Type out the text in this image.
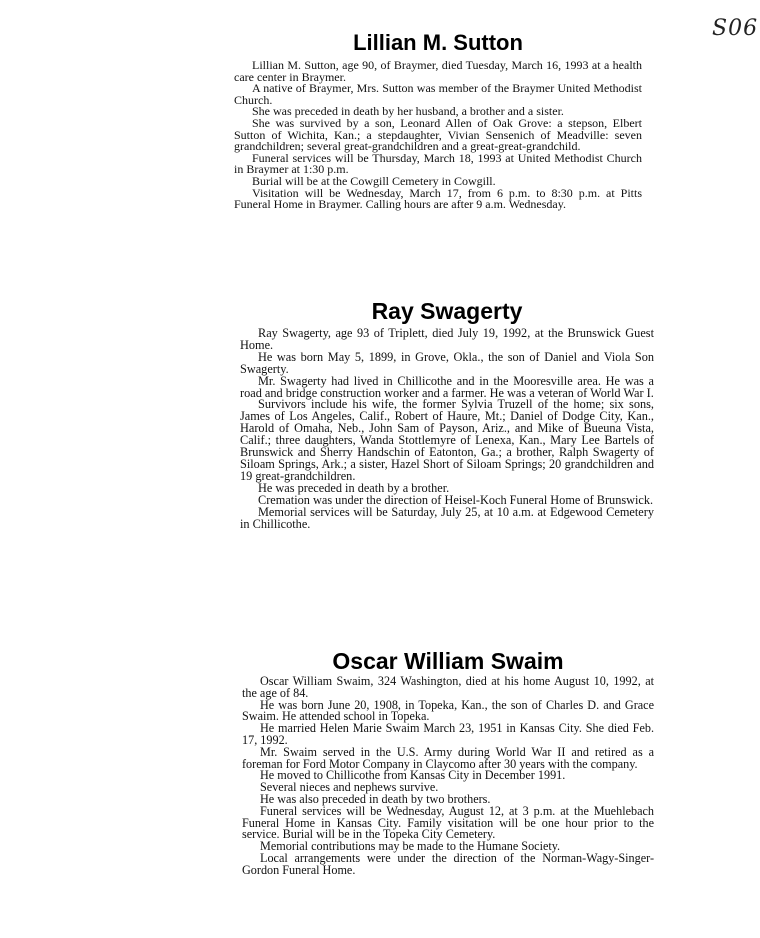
S06
Lillian M. Sutton

Lillian M. Sutton, age 90, of Braymer, died Tuesday, March 16, 1993 at a health care center in Braymer.

A native of Braymer, Mrs. Sutton was member of the Braymer United Methodist Church.

She was preceded in death by her husband, a brother and a sister.

She was survived by a son, Leonard Allen of Oak Grove: a stepson, Elbert Sutton of Wichita, Kan.; a stepdaughter, Vivian Sensenich of Meadville: seven grandchildren; several great-grandchildren and a great-great-grandchild.

Funeral services will be Thursday, March 18, 1993 at United Methodist Church in Braymer at 1:30 p.m.

Burial will be at the Cowgill Cemetery in Cowgill.

Visitation will be Wednesday, March 17, from 6 p.m. to 8:30 p.m. at Pitts Funeral Home in Braymer. Calling hours are after 9 a.m. Wednesday.

Ray Swagerty

Ray Swagerty, age 93 of Triplett, died July 19, 1992, at the Brunswick Guest Home.

He was born May 5, 1899, in Grove, Okla., the son of Daniel and Viola Son Swagerty.

Mr. Swagerty had lived in Chillicothe and in the Mooresville area. He was a road and bridge construction worker and a farmer. He was a veteran of World War I.

Survivors include his wife, the former Sylvia Truzell of the home; six sons, James of Los Angeles, Calif., Robert of Haure, Mt.; Daniel of Dodge City, Kan., Harold of Omaha, Neb., John Sam of Payson, Ariz., and Mike of Bueuna Vista, Calif.; three daughters, Wanda Stottlemyre of Lenexa, Kan., Mary Lee Bartels of Brunswick and Sherry Handschin of Eatonton, Ga.; a brother, Ralph Swagerty of Siloam Springs, Ark.; a sister, Hazel Short of Siloam Springs; 20 grandchildren and 19 great-grandchildren.

He was preceded in death by a brother.

Cremation was under the direction of Heisel-Koch Funeral Home of Brunswick.

Memorial services will be Saturday, July 25, at 10 a.m. at Edgewood Cemetery in Chillicothe.

Oscar William Swaim

Oscar William Swaim, 324 Washington, died at his home August 10, 1992, at the age of 84.

He was born June 20, 1908, in Topeka, Kan., the son of Charles D. and Grace Swaim. He attended school in Topeka.

He married Helen Marie Swaim March 23, 1951 in Kansas City. She died Feb. 17, 1992.

Mr. Swaim served in the U.S. Army during World War II and retired as a foreman for Ford Motor Company in Claycomo after 30 years with the company.

He moved to Chillicothe from Kansas City in December 1991.

Several nieces and nephews survive.

He was also preceded in death by two brothers.

Funeral services will be Wednesday, August 12, at 3 p.m. at the Muehlebach Funeral Home in Kansas City. Family visitation will be one hour prior to the service. Burial will be in the Topeka City Cemetery.

Memorial contributions may be made to the Humane Society.

Local arrangements were under the direction of the Norman-Wagy-Singer-Gordon Funeral Home.
